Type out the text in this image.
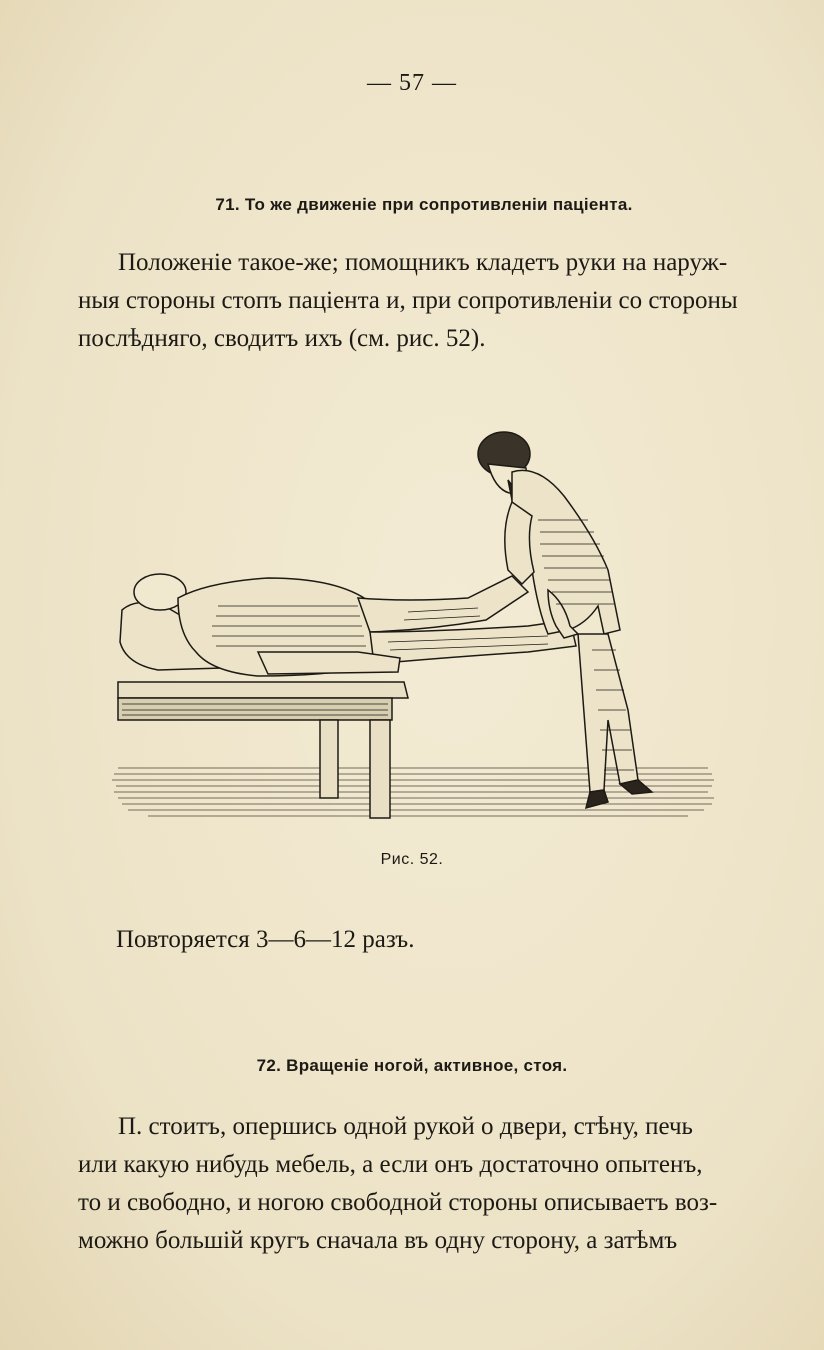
— 57 —
71. То же движеніе при сопротивленіи паціента.
Положеніе такое-же; помощникъ кладетъ руки на наруж-
ныя стороны стопъ паціента и, при сопротивленіи со стороны
послѣдняго, сводитъ ихъ (см. рис. 52).
Рис. 52.
Повторяется 3—6—12 разъ.
72. Вращеніе ногой, активное, стоя.
П. стоитъ, опершись одной рукой о двери, стѣну, печь
или какую нибудь мебель, а если онъ достаточно опытенъ,
то и свободно, и ногою свободной стороны описываетъ воз-
можно большій кругъ сначала въ одну сторону, а затѣмъ
